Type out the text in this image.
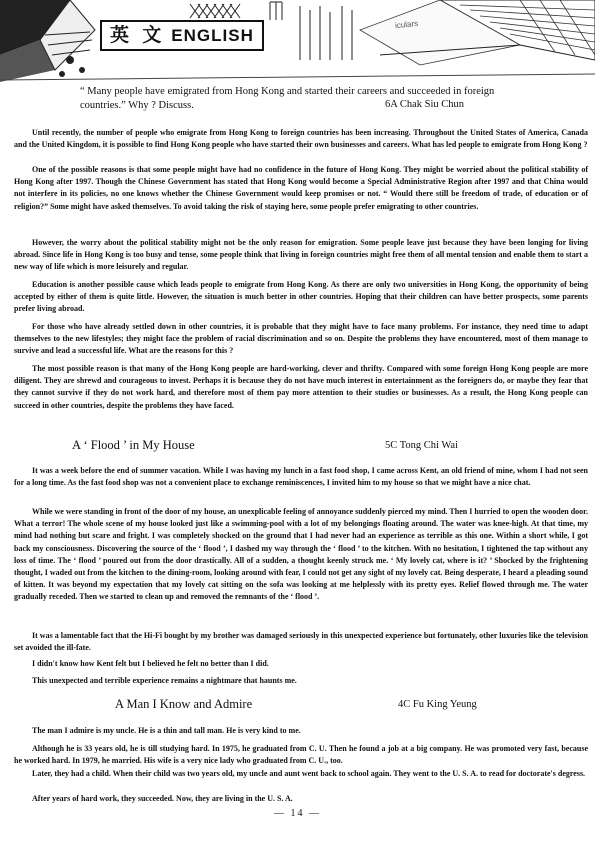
英 文 ENGLISH
iculars
“ Many people have emigrated from Hong Kong and started their careers and succeeded in foreign countries.” Why ? Discuss.	6A Chak Siu Chun
Until recently, the number of people who emigrate from Hong Kong to foreign countries has been increasing. Throughout the United States of America, Canada and the United Kingdom, it is possible to find Hong Kong people who have started their own businesses and careers. What has led people to emigrate from Hong Kong ?
One of the possible reasons is that some people might have had no confidence in the future of Hong Kong. They might be worried about the political stability of Hong Kong after 1997. Though the Chinese Government has stated that Hong Kong would become a Special Administrative Region after 1997 and that China would not interfere in its policies, no one knows whether the Chinese Government would keep promises or not. “ Would there still be freedom of trade, of education or of religion?” Some might have asked themselves. To avoid taking the risk of staying here, some people prefer emigrating to other countries.
However, the worry about the political stability might not be the only reason for emigration. Some people leave just because they have been longing for living abroad. Since life in Hong Kong is too busy and tense, some people think that living in foreign countries might free them of all mental tension and enable them to start a new way of life which is more leisurely and regular.
Education is another possible cause which leads people to emigrate from Hong Kong. As there are only two universities in Hong Kong, the opportunity of being accepted by either of them is quite little. However, the situation is much better in other countries. Hoping that their children can have better prospects, some parents prefer living abroad.
For those who have already settled down in other countries, it is probable that they might have to face many problems. For instance, they need time to adapt themselves to the new lifestyles; they might face the problem of racial discrimination and so on. Despite the problems they have encountered, most of them manage to survive and lead a successful life. What are the reasons for this ?
The most possible reason is that many of the Hong Kong people are hard-working, clever and thrifty. Compared with some foreign Hong Kong people are more diligent. They are shrewd and courageous to invest. Perhaps it is because they do not have much interest in entertainment as the foreigners do, or maybe they fear that they cannot survive if they do not work hard, and therefore most of them pay more attention to their studies or businesses. As a result, the Hong Kong people can succeed in other countries, despite the problems they have faced.
A ‘ Flood ’ in My House	5C Tong Chi Wai
It was a week before the end of summer vacation. While I was having my lunch in a fast food shop, I came across Kent, an old friend of mine, whom I had not seen for a long time. As the fast food shop was not a convenient place to exchange reminiscences, I invited him to my house so that we might have a nice chat.
While we were standing in front of the door of my house, an unexplicable feeling of annoyance suddenly pierced my mind. Then I hurried to open the wooden door. What a terror! The whole scene of my house looked just like a swimming-pool with a lot of my belongings floating around. The water was knee-high. At that time, my mind had nothing but scare and fright. I was completely shocked on the ground that I had never had an experience as terrible as this one. Within a short while, I got back my consciousness. Discovering the source of the ‘ flood ’, I dashed my way through the ‘ flood ’ to the kitchen. With no hesitation, I tightened the tap without any loss of time. The ‘ flood ’ poured out from the door drastically. All of a sudden, a thought keenly struck me. ‘ My lovely cat, where is it? ’ Shocked by the frightening thought, I waded out from the kitchen to the dining-room, looking around with fear, I could not get any sight of my lovely cat. Being desperate, I heard a pleading sound of kitten. It was beyond my expectation that my lovely cat sitting on the sofa was looking at me helplessly with its pretty eyes. Relief flowed through me. The water gradually receded. Then we started to clean up and removed the remnants of the ‘ flood ’.
It was a lamentable fact that the Hi-Fi bought by my brother was damaged seriously in this unexpected experience but fortunately, other luxuries like the television set avoided the ill-fate.
I didn't know how Kent felt but I believed he felt no better than I did.
This unexpected and terrible experience remains a nightmare that haunts me.
A Man I Know and Admire	4C Fu King Yeung
The man I admire is my uncle. He is a thin and tall man. He is very kind to me.
Although he is 33 years old, he is till studying hard. In 1975, he graduated from C. U. Then he found a job at a big company. He was promoted very fast, because he worked hard. In 1979, he married. His wife is a very nice lady who graduated from C. U., too.
Later, they had a child. When their child was two years old, my uncle and aunt went back to school again. They went to the U. S. A. to read for doctorate's degress.
After years of hard work, they succeeded. Now, they are living in the U. S. A.
— 14 —
